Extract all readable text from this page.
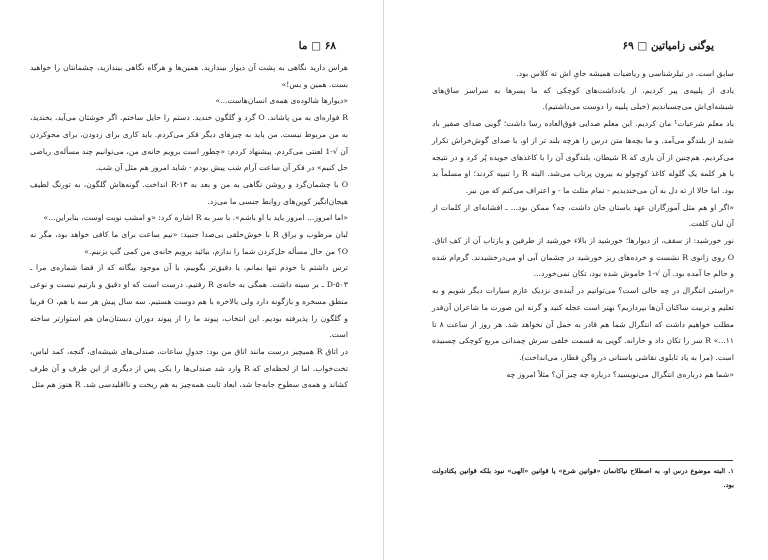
۶۸ □ ما

هراس دارید نگاهی به پشت آن دیوار بیندازید. همین‌ها و هرگاه نگاهی بیندازید، چشمانتان را خواهید بست. همین و بس!»

«دیوارها شالوده‌ی همه‌ی انسان‌هاست...»

R فواره‌ای به من پاشاند. O گرد و گلگون خندید. دستم را حایل ساختم. اگر خوشتان می‌آید، بخندید، به من مربوط نیست. من باید به چیزهای دیگر فکر می‌کردم. باید کاری برای زدودن، برای محوکردن آن √-1 لعنتی می‌کردم. پیشنهاد کردم: «چطور است برویم خانه‌ی من، می‌توانیم چند مسأله‌ی ریاضی حل کنیم» در فکر آن ساعت آرام شب پیش بودم - شاید امروز هم مثل آن شب.

O با چشمان‌گرد و روشن نگاهی به من و بعد به R-۱۳ انداخت. گونه‌هاش گلگون، به تورنگ لطیف هیجان‌انگیز کوپن‌های روابط جنسی ما می‌زد.

«اما امروز... امروز باید با او باشم». با سر به R اشاره کرد: «و امشب نوبت اوست، بنابراین...»

لبان مرطوب و براق R با خوش‌خلقی بی‌صدا جنبید: «نیم ساعت برای ما کافی خواهد بود، مگر نه O؟ من حال مسأله حل‌کردن شما را ندارم، بیائید برویم خانه‌ی من کمی گپ بزنیم.»

ترس داشتم با خودم تنها بمانم، یا دقیق‌تر بگوییم، با آن موجود بیگانه که از قضا شماره‌ی مرا ـ D-۵۰۳ ـ بر سینه داشت. همگی به خانه‌ی R رفتیم. درست است که او دقیق و بارتیم نیست و نوعی منطق مسخره و بازگونه دارد ولی بالاخره با هم دوست هستیم. سه سال پیش هر سه با هم، O فربیا و گلگون را پذیرفته بودیم. این انتخاب، پیوند ما را از پیوند دوران دبستان‌مان هم استوارتر ساخته است.

در اتاق R همیچیز درست مانند اتاق من بود: جدولِ ساعات، صندلی‌های شیشه‌ای، گنجه، کمد لباس، تخت‌خواب. اما از لحظه‌ای که R وارد شد صندلی‌ها را یکی پس از دیگری از این طرف و آن طرف کشاند و همه‌ی سطوح جابه‌جا شد، ابعاد ثابت همه‌چیز به هم ریخت و نااقلیدسی شد. R هنوز هم مثل

یوگنی زامیاتین □ ۶۹

سابق است. در تیلرشناسی و ریاضیات همیشه جایِ اش ته کلاس بود.

یادی از پلیپه‌ی پیر کردیم، از یادداشت‌های کوچکی که ما پسرها به سراسر ساق‌های شیشه‌ای‌اش می‌چسباندیم (خیلی پلیپه را دوست می‌داشتیم).

یاد معلم شرعیات¹ مان کردیم. این معلم صدایی فوق‌العاده رسا داشت؛ گویی صدای صفیر باد شدید از بلندگو می‌آمد. و ما بچه‌ها متن درس را هرچه بلند تر از او، با صدای گوش‌خراش تکرار می‌کردیم. هم‌چنین از آن باری که R شیطان، بلندگوی آن را با کاغذهای جویده پُر کرد و در نتیجه با هر کلمه یک گلوله کاغذ کوچولو به بیرون پرتاب می‌شد. البته R را تنبیه کردند؛ او مسلماً بد بود. اما حالا از ته دل به آن می‌خندیدیم - تمام مثلث ما - و اعتراف می‌کنم که من نیز.

«اگر او هم مثل آموزگاران عهد باستان جان داشت، چه؟ ممکن بود... ـ افشانه‌ای از کلمات از آن لبان کلفت.

نور خورشید: از سقف، از دیوارها؛ خورشید از بالاء خورشید از طرفین و بازتاب آن از کف اتاق. O روی زانوی R نشست و خرده‌های ریز خورشید در چشمان آبی او می‌درخشیدند. گرم‌ام شده و حالم جا آمده بود. آن √-1 خاموش شده بود، تکان نمی‌خورد...

«راستی انتگرال در چه حالی است؟ می‌توانیم در آینده‌ی نزدیک عازم سیارات دیگر شویم و به تعلیم و تربیت ساکنان آن‌ها بپردازیم؟ بهتر است عجله کنید و گرنه این صورت ما شاعران آن‌قدر مطلب خواهیم داشت که انتگرال شما هم قادر به حمل آن نخواهد شد. هر روز از ساعت ۸ تا ۱۱...» R سر را تکان داد و خارانه. گویی به قسمت خلفی سرش چمدانی مربع کوچکی چسبیده است. (مرا به یاد تابلوی نقاشی باستانی در واگن قطار، می‌انداخت).

«شما هم درباره‌ی انتگرال می‌نویسید؟ درباره چه چیز آن؟ مثلاً امروز چه

۱. البته موضوع درس او، به اصطلاح نیاکانمان «قوانین شرع» یا قوانین «الهی» نبود بلکه قوانین یکتادولت بود.
